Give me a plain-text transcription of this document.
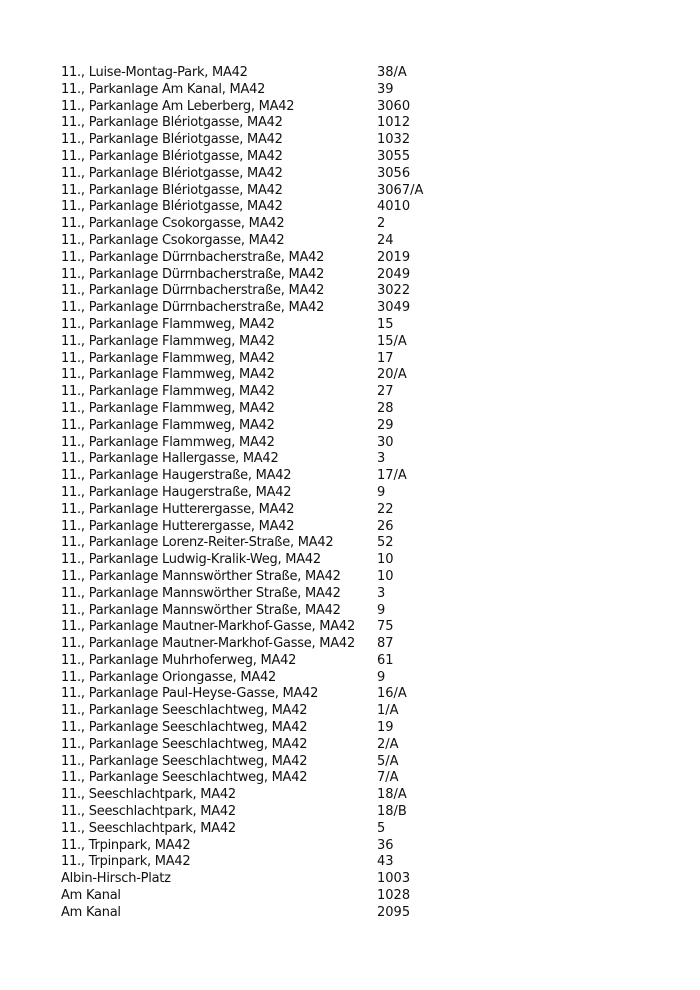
11., Luise-Montag-Park, MA42	38/A
11., Parkanlage Am Kanal, MA42	39
11., Parkanlage Am Leberberg, MA42	3060
11., Parkanlage Blériotgasse, MA42	1012
11., Parkanlage Blériotgasse, MA42	1032
11., Parkanlage Blériotgasse, MA42	3055
11., Parkanlage Blériotgasse, MA42	3056
11., Parkanlage Blériotgasse, MA42	3067/A
11., Parkanlage Blériotgasse, MA42	4010
11., Parkanlage Csokorgasse, MA42	2
11., Parkanlage Csokorgasse, MA42	24
11., Parkanlage Dürrnbacherstraße, MA42	2019
11., Parkanlage Dürrnbacherstraße, MA42	2049
11., Parkanlage Dürrnbacherstraße, MA42	3022
11., Parkanlage Dürrnbacherstraße, MA42	3049
11., Parkanlage Flammweg, MA42	15
11., Parkanlage Flammweg, MA42	15/A
11., Parkanlage Flammweg, MA42	17
11., Parkanlage Flammweg, MA42	20/A
11., Parkanlage Flammweg, MA42	27
11., Parkanlage Flammweg, MA42	28
11., Parkanlage Flammweg, MA42	29
11., Parkanlage Flammweg, MA42	30
11., Parkanlage Hallergasse, MA42	3
11., Parkanlage Haugerstraße, MA42	17/A
11., Parkanlage Haugerstraße, MA42	9
11., Parkanlage Hutterergasse, MA42	22
11., Parkanlage Hutterergasse, MA42	26
11., Parkanlage Lorenz-Reiter-Straße, MA42	52
11., Parkanlage Ludwig-Kralik-Weg, MA42	10
11., Parkanlage Mannswörther Straße, MA42	10
11., Parkanlage Mannswörther Straße, MA42	3
11., Parkanlage Mannswörther Straße, MA42	9
11., Parkanlage Mautner-Markhof-Gasse, MA42	75
11., Parkanlage Mautner-Markhof-Gasse, MA42	87
11., Parkanlage Muhrhoferweg, MA42	61
11., Parkanlage Oriongasse, MA42	9
11., Parkanlage Paul-Heyse-Gasse, MA42	16/A
11., Parkanlage Seeschlachtweg, MA42	1/A
11., Parkanlage Seeschlachtweg, MA42	19
11., Parkanlage Seeschlachtweg, MA42	2/A
11., Parkanlage Seeschlachtweg, MA42	5/A
11., Parkanlage Seeschlachtweg, MA42	7/A
11., Seeschlachtpark, MA42	18/A
11., Seeschlachtpark, MA42	18/B
11., Seeschlachtpark, MA42	5
11., Trpinpark, MA42	36
11., Trpinpark, MA42	43
Albin-Hirsch-Platz	1003
Am Kanal	1028
Am Kanal	2095
